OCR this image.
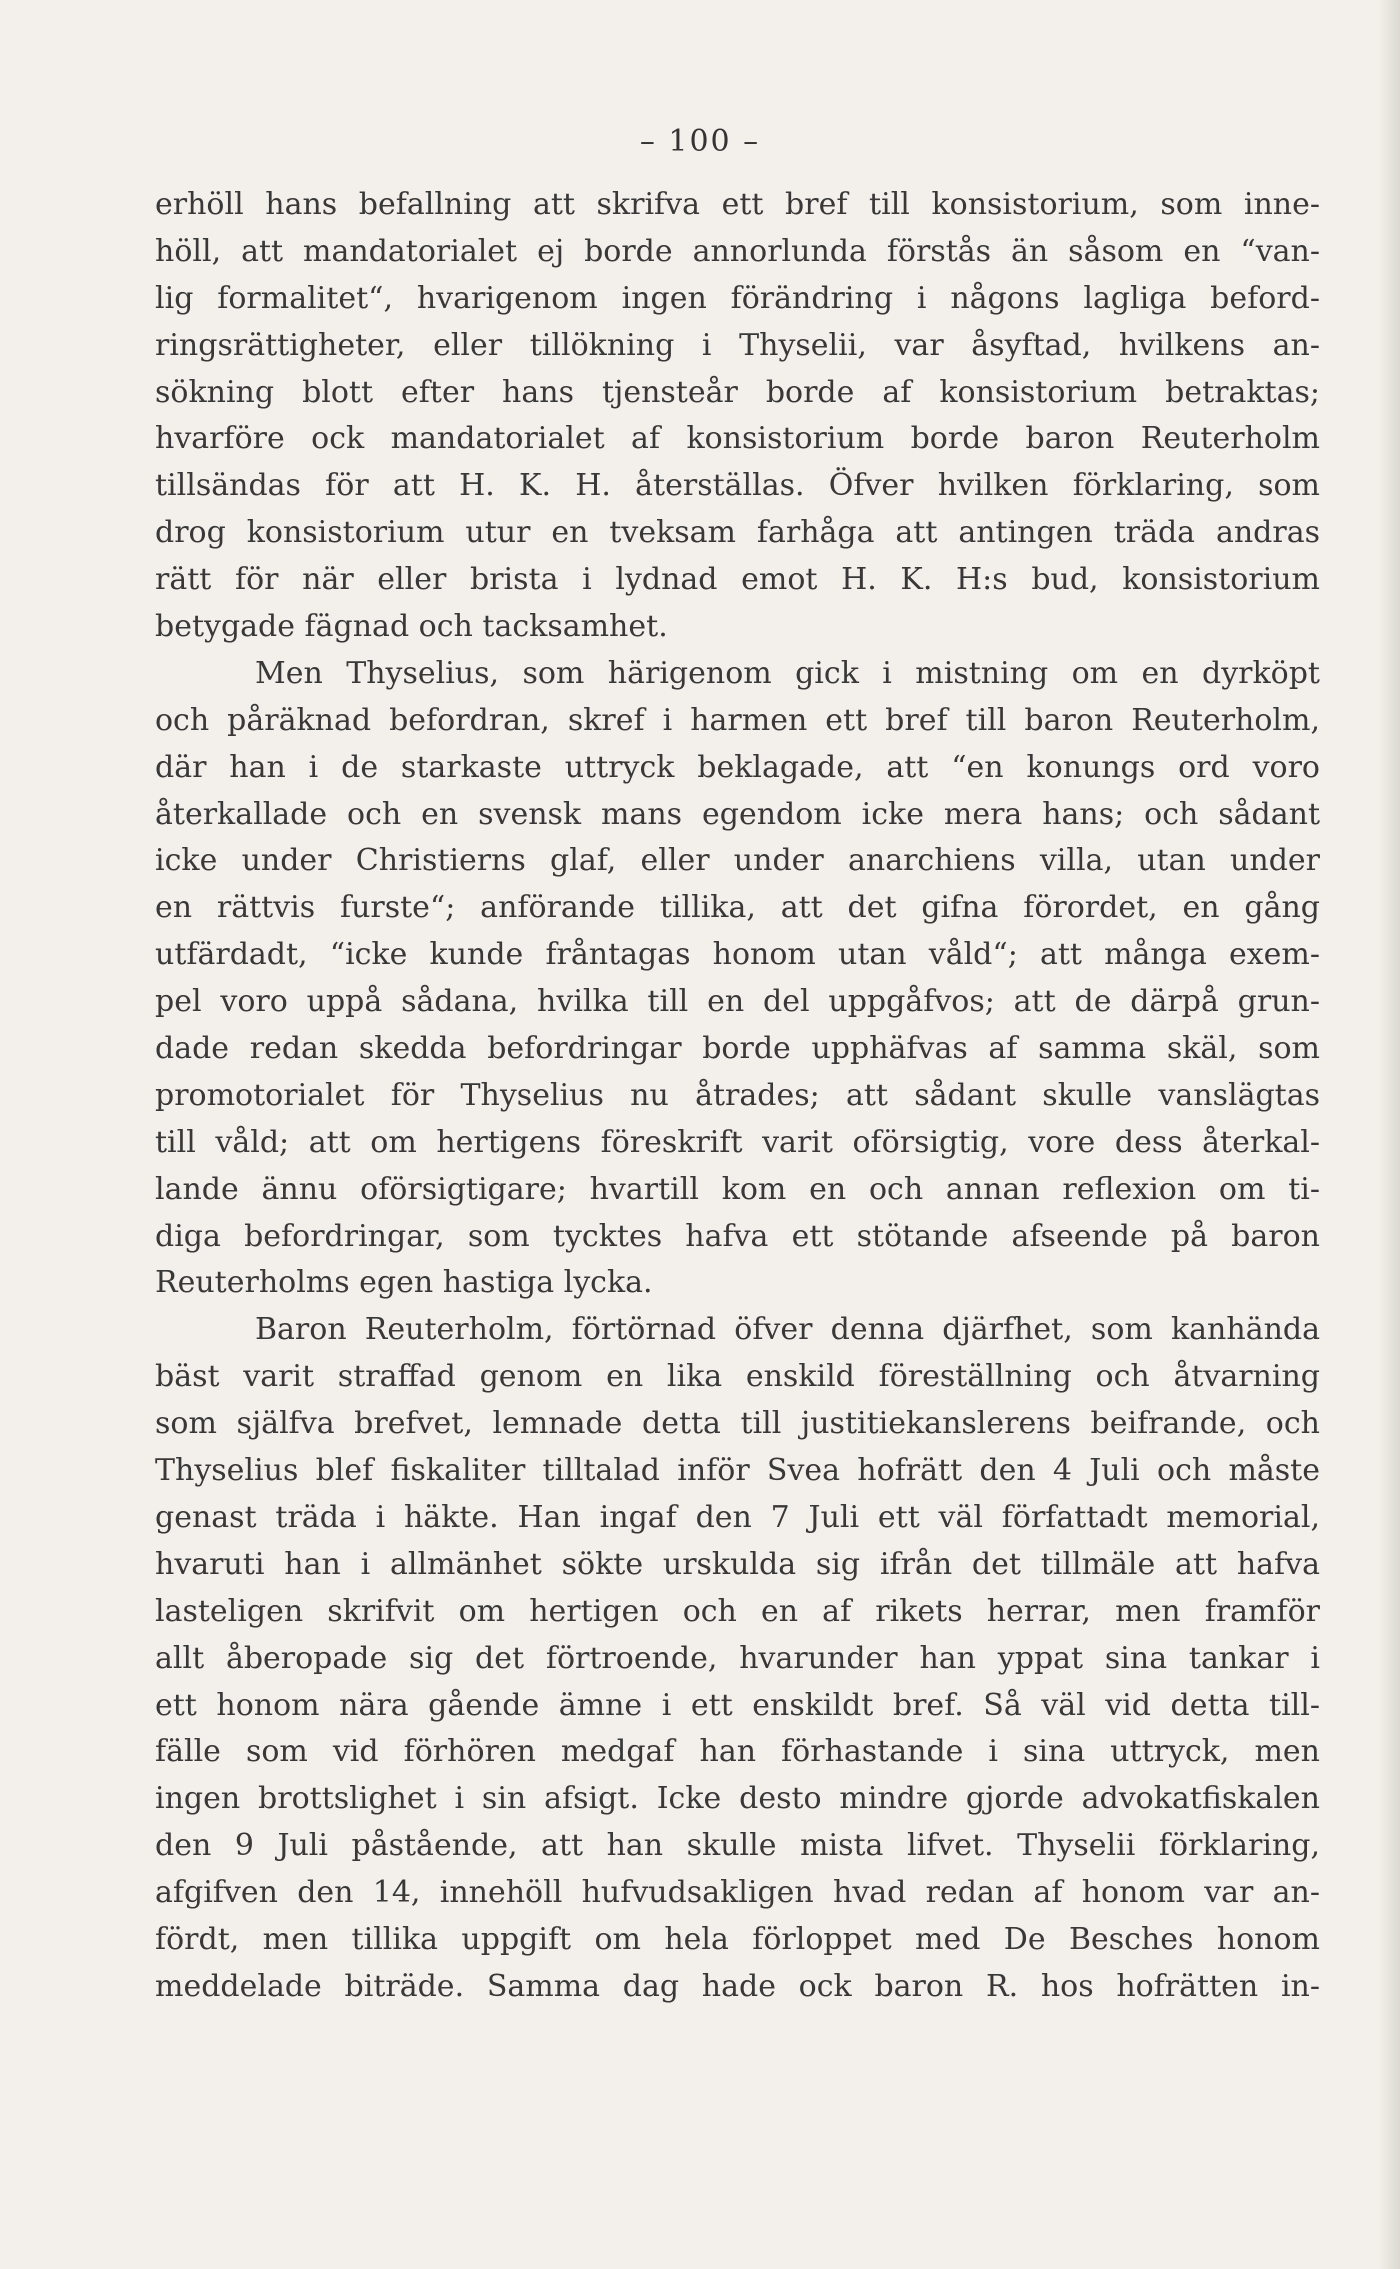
– 100 –
erhöll hans befallning att skrifva ett bref till konsistorium, som inne-
höll, att mandatorialet ej borde annorlunda förstås än såsom en “van-
lig formalitet“, hvarigenom ingen förändring i någons lagliga beford-
ringsrättigheter, eller tillökning i Thyselii, var åsyftad, hvilkens an-
sökning blott efter hans tjensteår borde af konsistorium betraktas;
hvarföre ock mandatorialet af konsistorium borde baron Reuterholm
tillsändas för att H. K. H. återställas. Öfver hvilken förklaring, som
drog konsistorium utur en tveksam farhåga att antingen träda andras
rätt för när eller brista i lydnad emot H. K. H:s bud, konsistorium
betygade fägnad och tacksamhet.
Men Thyselius, som härigenom gick i mistning om en dyrköpt
och påräknad befordran, skref i harmen ett bref till baron Reuterholm,
där han i de starkaste uttryck beklagade, att “en konungs ord voro
återkallade och en svensk mans egendom icke mera hans; och sådant
icke under Christierns glaf, eller under anarchiens villa, utan under
en rättvis furste“; anförande tillika, att det gifna förordet, en gång
utfärdadt, “icke kunde fråntagas honom utan våld“; att många exem-
pel voro uppå sådana, hvilka till en del uppgåfvos; att de därpå grun-
dade redan skedda befordringar borde upphäfvas af samma skäl, som
promotorialet för Thyselius nu åtrades; att sådant skulle vanslägtas
till våld; att om hertigens föreskrift varit oförsigtig, vore dess återkal-
lande ännu oförsigtigare; hvartill kom en och annan reflexion om ti-
diga befordringar, som tycktes hafva ett stötande afseende på baron
Reuterholms egen hastiga lycka.
Baron Reuterholm, förtörnad öfver denna djärfhet, som kanhända
bäst varit straffad genom en lika enskild föreställning och åtvarning
som själfva brefvet, lemnade detta till justitiekanslerens beifrande, och
Thyselius blef fiskaliter tilltalad inför Svea hofrätt den 4 Juli och måste
genast träda i häkte. Han ingaf den 7 Juli ett väl författadt memorial,
hvaruti han i allmänhet sökte urskulda sig ifrån det tillmäle att hafva
lasteligen skrifvit om hertigen och en af rikets herrar, men framför
allt åberopade sig det förtroende, hvarunder han yppat sina tankar i
ett honom nära gående ämne i ett enskildt bref. Så väl vid detta till-
fälle som vid förhören medgaf han förhastande i sina uttryck, men
ingen brottslighet i sin afsigt. Icke desto mindre gjorde advokatfiskalen
den 9 Juli påstående, att han skulle mista lifvet. Thyselii förklaring,
afgifven den 14, innehöll hufvudsakligen hvad redan af honom var an-
fördt, men tillika uppgift om hela förloppet med De Besches honom
meddelade biträde. Samma dag hade ock baron R. hos hofrätten in-
